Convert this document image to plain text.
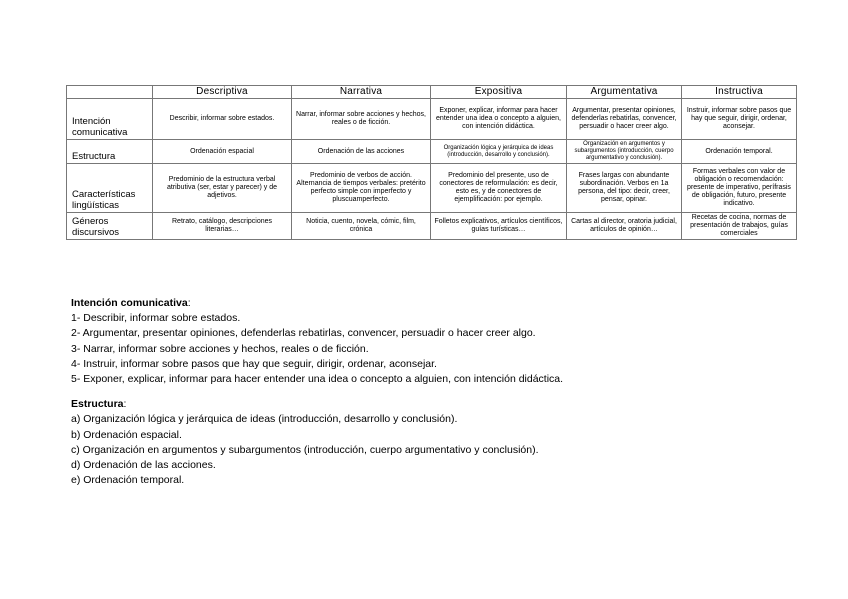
	Descriptiva	Narrativa	Expositiva	Argumentativa	Instructiva
Intención comunicativa	Describir, informar sobre estados.	Narrar, informar sobre acciones y hechos, reales o de ficción.	Exponer, explicar, informar para hacer entender una idea o concepto a alguien, con intención didáctica.	Argumentar, presentar opiniones, defenderlas rebatirlas, convencer, persuadir o hacer creer algo.	Instruir, informar sobre pasos que hay que seguir, dirigir, ordenar, aconsejar.
Estructura	Ordenación espacial	Ordenación de las acciones	Organización lógica y jerárquica de ideas (introducción, desarrollo y conclusión).	Organización en argumentos y subargumentos (introducción, cuerpo argumentativo y conclusión).	Ordenación temporal.
Características lingüísticas	Predominio de la estructura verbal atributiva (ser, estar y parecer) y de adjetivos.	Predominio de verbos de acción. Alternancia de tiempos verbales: pretérito perfecto simple con imperfecto y pluscuamperfecto.	Predominio del presente, uso de conectores de reformulación: es decir, esto es, y de conectores de ejemplificación: por ejemplo.	Frases largas con abundante subordinación. Verbos en 1a persona, del tipo: decir, creer, pensar, opinar.	Formas verbales con valor de obligación o recomendación: presente de imperativo, perífrasis de obligación, futuro, presente indicativo.
Géneros discursivos	Retrato, catálogo, descripciones literarias…	Noticia, cuento, novela, cómic, film, crónica	Folletos explicativos, artículos científicos, guías turísticas…	Cartas al director, oratoria judicial, artículos de opinión…	Recetas de cocina, normas de presentación de trabajos, guías comerciales

Intención comunicativa:

1- Describir, informar sobre estados.

2- Argumentar, presentar opiniones, defenderlas rebatirlas, convencer, persuadir o hacer creer algo.

3- Narrar, informar sobre acciones y hechos, reales o de ficción.

4- Instruir, informar sobre pasos que hay que seguir, dirigir, ordenar, aconsejar.

5- Exponer, explicar, informar para hacer entender una idea o concepto a alguien, con intención didáctica.

Estructura:

a) Organización lógica y jerárquica de ideas (introducción, desarrollo y conclusión).

b) Ordenación espacial.

c) Organización en argumentos y subargumentos (introducción, cuerpo argumentativo y conclusión).

d) Ordenación de las acciones.

e) Ordenación temporal.
